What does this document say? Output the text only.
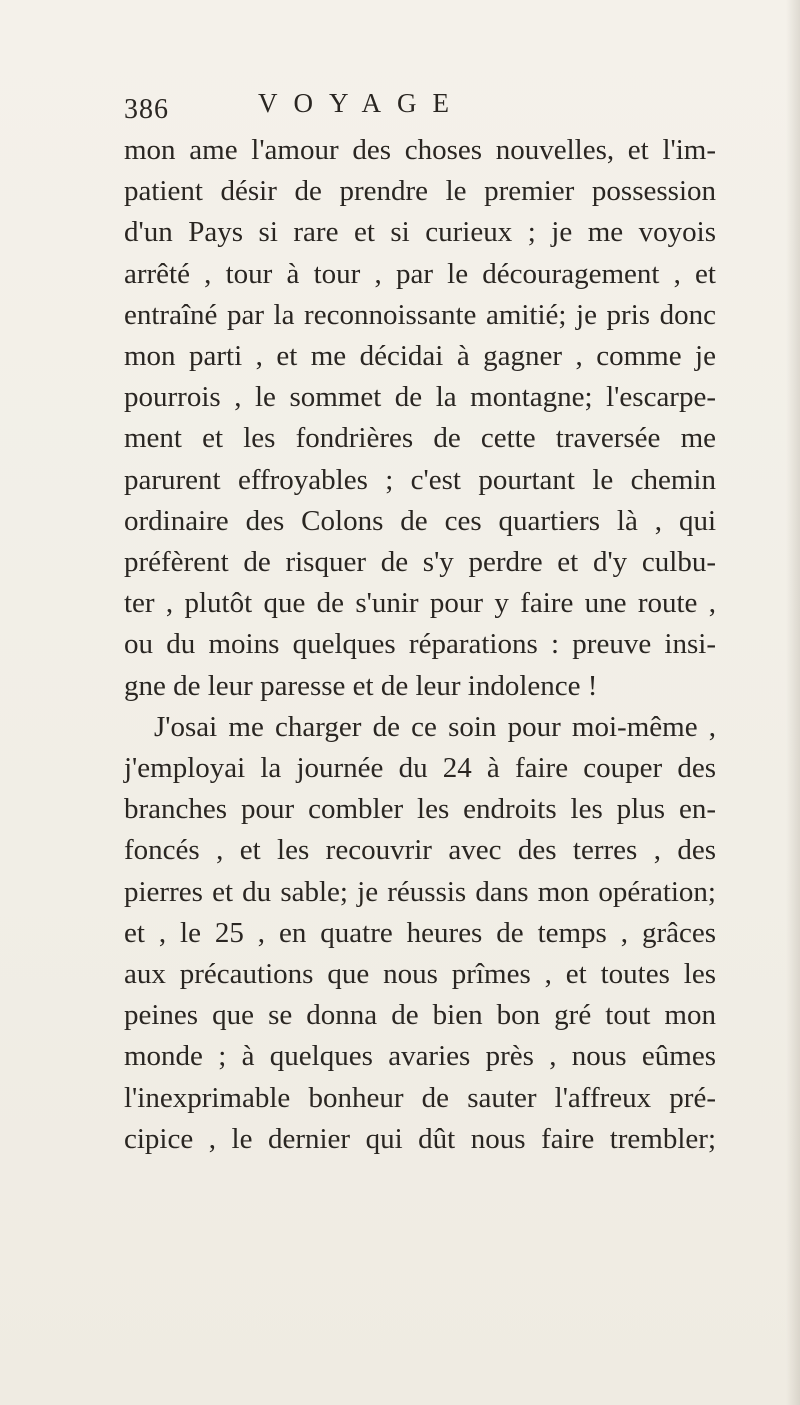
386	VOYAGE
mon ame l'amour des choses nouvelles, et l'im-
patient désir de prendre le premier possession
d'un Pays si rare et si curieux ; je me voyois
arrêté , tour à tour , par le découragement , et
entraîné par la reconnoissante amitié; je pris donc
mon parti , et me décidai à gagner , comme je
pourrois , le sommet de la montagne; l'escarpe-
ment et les fondrières de cette traversée me
parurent effroyables ; c'est pourtant le chemin
ordinaire des Colons de ces quartiers là , qui
préfèrent de risquer de s'y perdre et d'y culbu-
ter , plutôt que de s'unir pour y faire une route ,
ou du moins quelques réparations : preuve insi-
gne de leur paresse et de leur indolence !
J'osai me charger de ce soin pour moi-même ,
j'employai la journée du 24 à faire couper des
branches pour combler les endroits les plus en-
foncés , et les recouvrir avec des terres , des
pierres et du sable; je réussis dans mon opération;
et , le 25 , en quatre heures de temps , grâces
aux précautions que nous prîmes , et toutes les
peines que se donna de bien bon gré tout mon
monde ; à quelques avaries près , nous eûmes
l'inexprimable bonheur de sauter l'affreux pré-
cipice , le dernier qui dût nous faire trembler;
